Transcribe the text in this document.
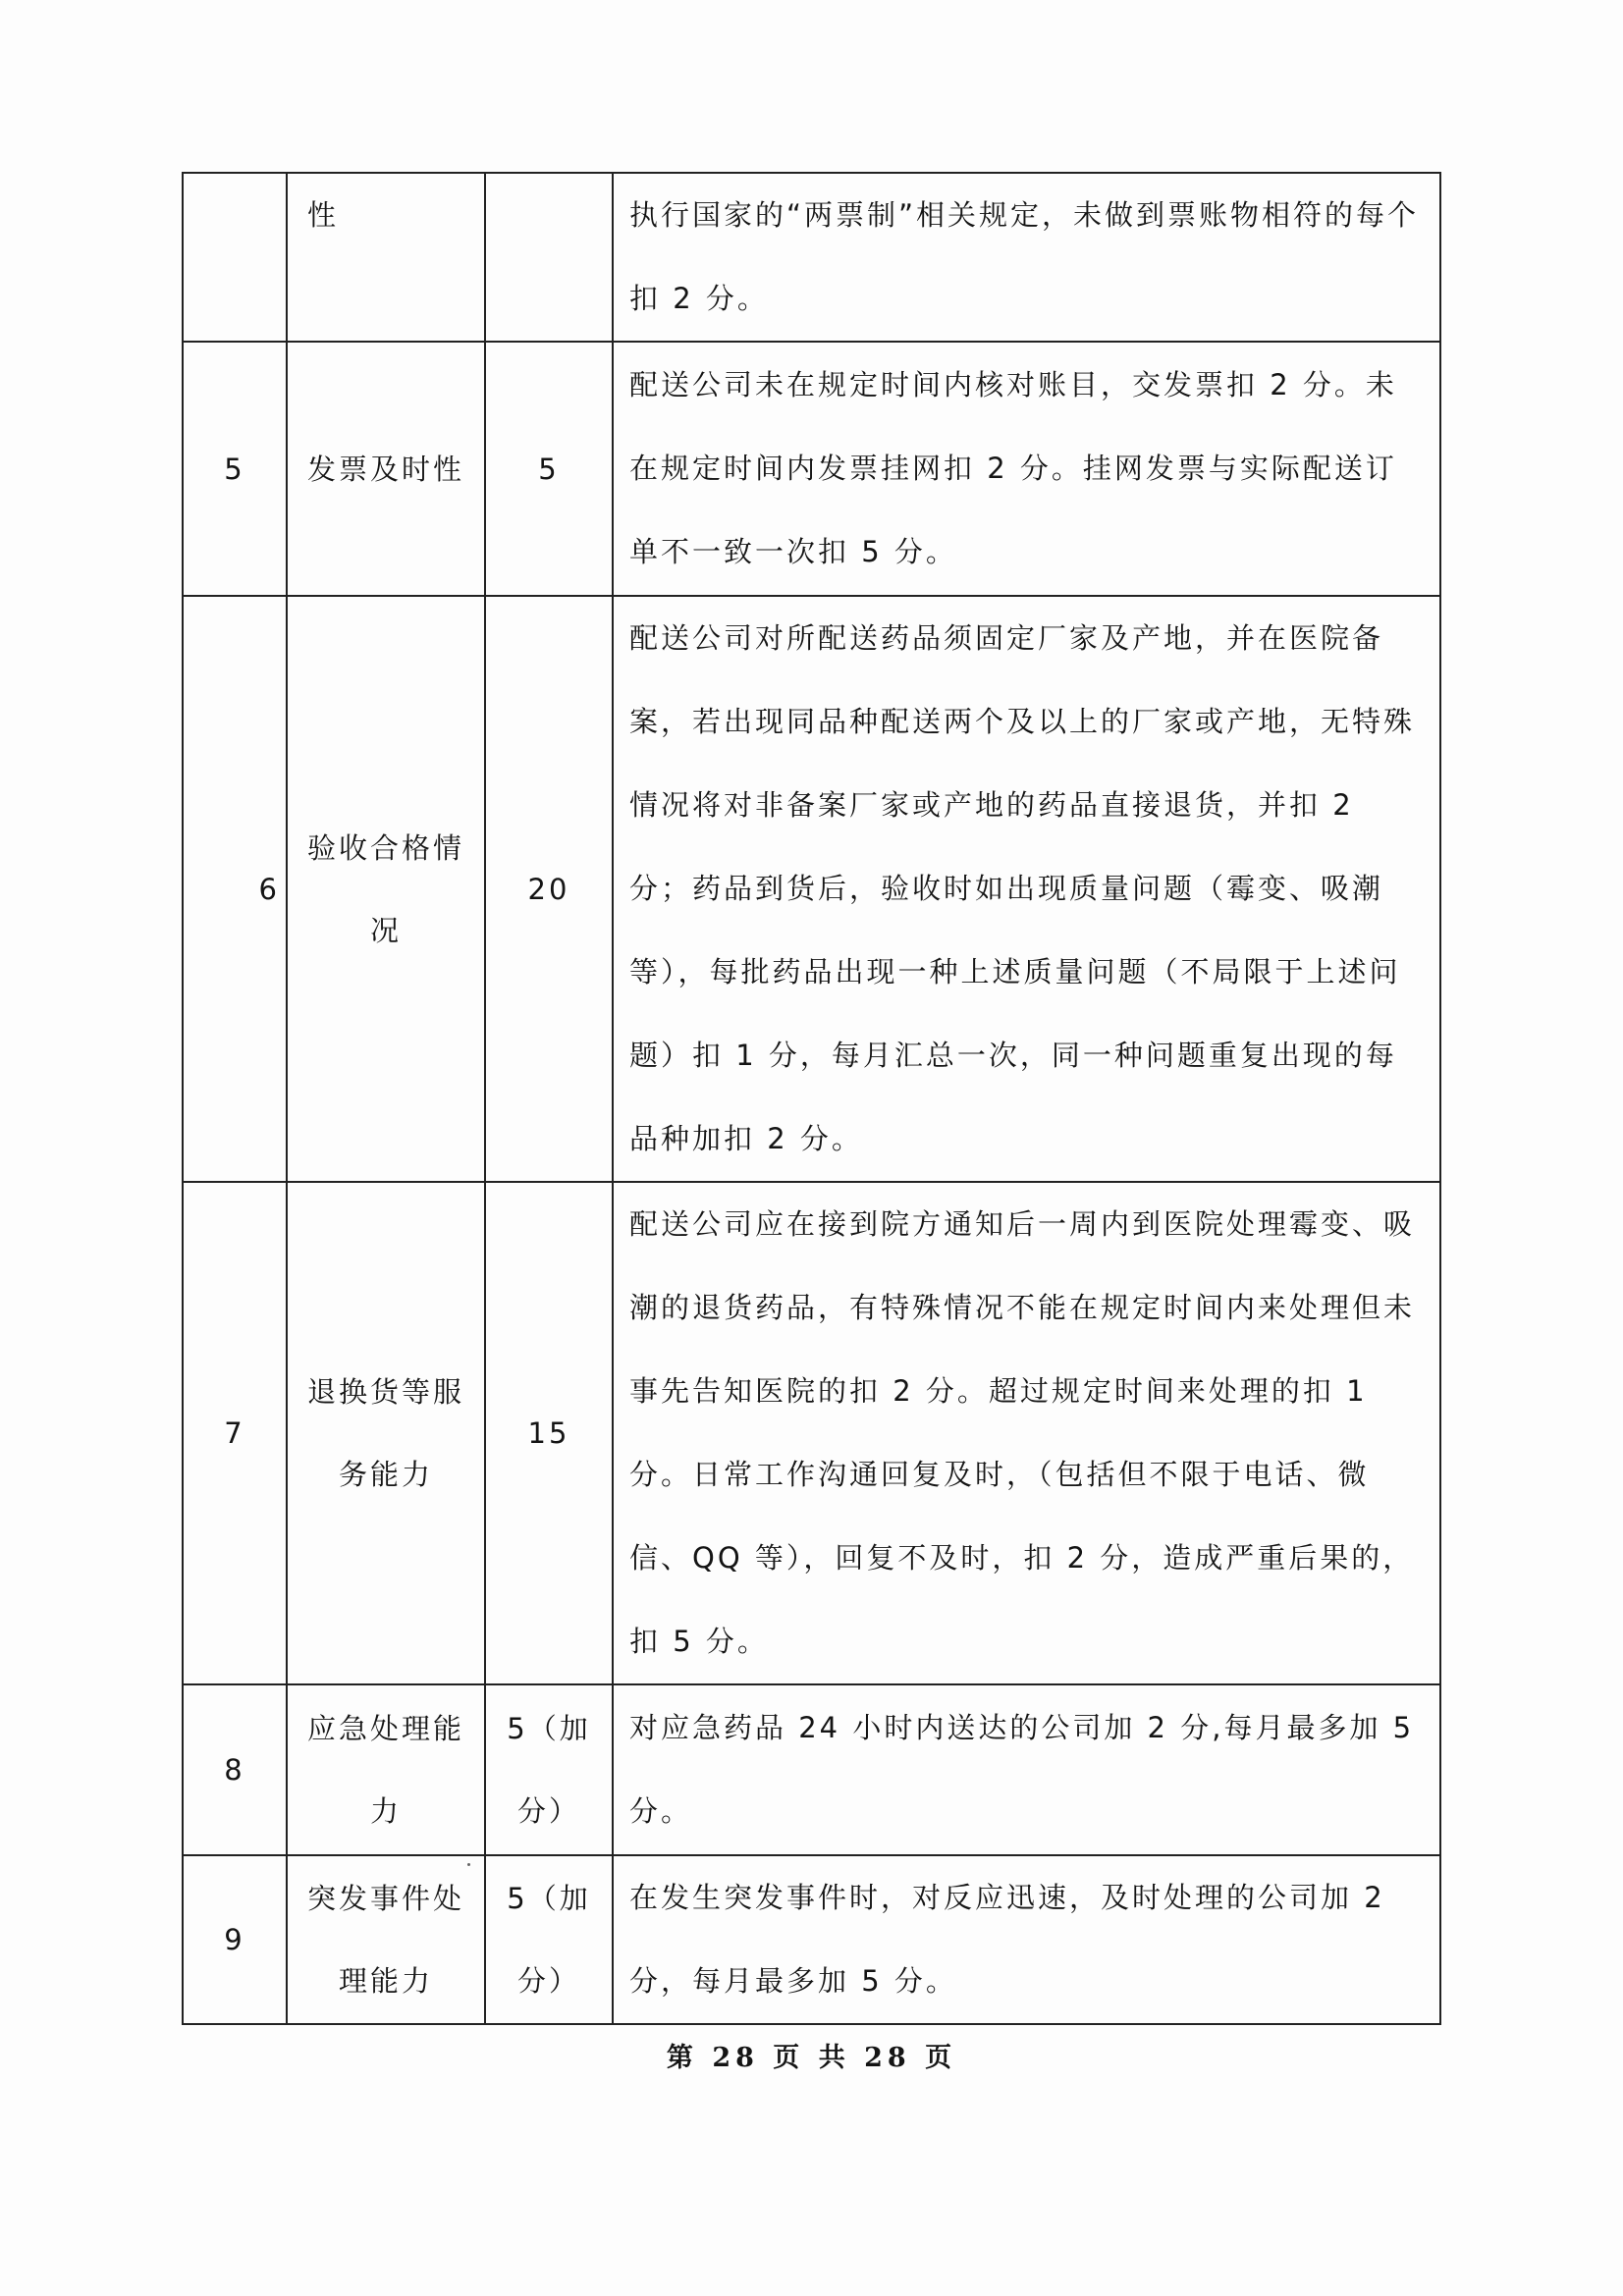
	性		执行国家的“两票制”相关规定，未做到票账物相符的每个扣 2 分。
5	发票及时性	5	配送公司未在规定时间内核对账目，交发票扣 2 分。未在规定时间内发票挂网扣 2 分。挂网发票与实际配送订单不一致一次扣 5 分。
6	验收合格情况	20	配送公司对所配送药品须固定厂家及产地，并在医院备案，若出现同品种配送两个及以上的厂家或产地，无特殊情况将对非备案厂家或产地的药品直接退货，并扣 2 分；药品到货后，验收时如出现质量问题（霉变、吸潮等），每批药品出现一种上述质量问题（不局限于上述问题）扣 1 分，每月汇总一次，同一种问题重复出现的每品种加扣 2 分。
7	退换货等服务能力	15	配送公司应在接到院方通知后一周内到医院处理霉变、吸潮的退货药品，有特殊情况不能在规定时间内来处理但未事先告知医院的扣 2 分。超过规定时间来处理的扣 1 分。日常工作沟通回复及时，（包括但不限于电话、微信、QQ 等），回复不及时，扣 2 分，造成严重后果的，扣 5 分。
8	应急处理能力	5（加分）	对应急药品 24 小时内送达的公司加 2 分,每月最多加 5 分。
9	突发事件处理能力	5（加分）	在发生突发事件时，对反应迅速，及时处理的公司加 2 分，每月最多加 5 分。
第 28 页 共 28 页
